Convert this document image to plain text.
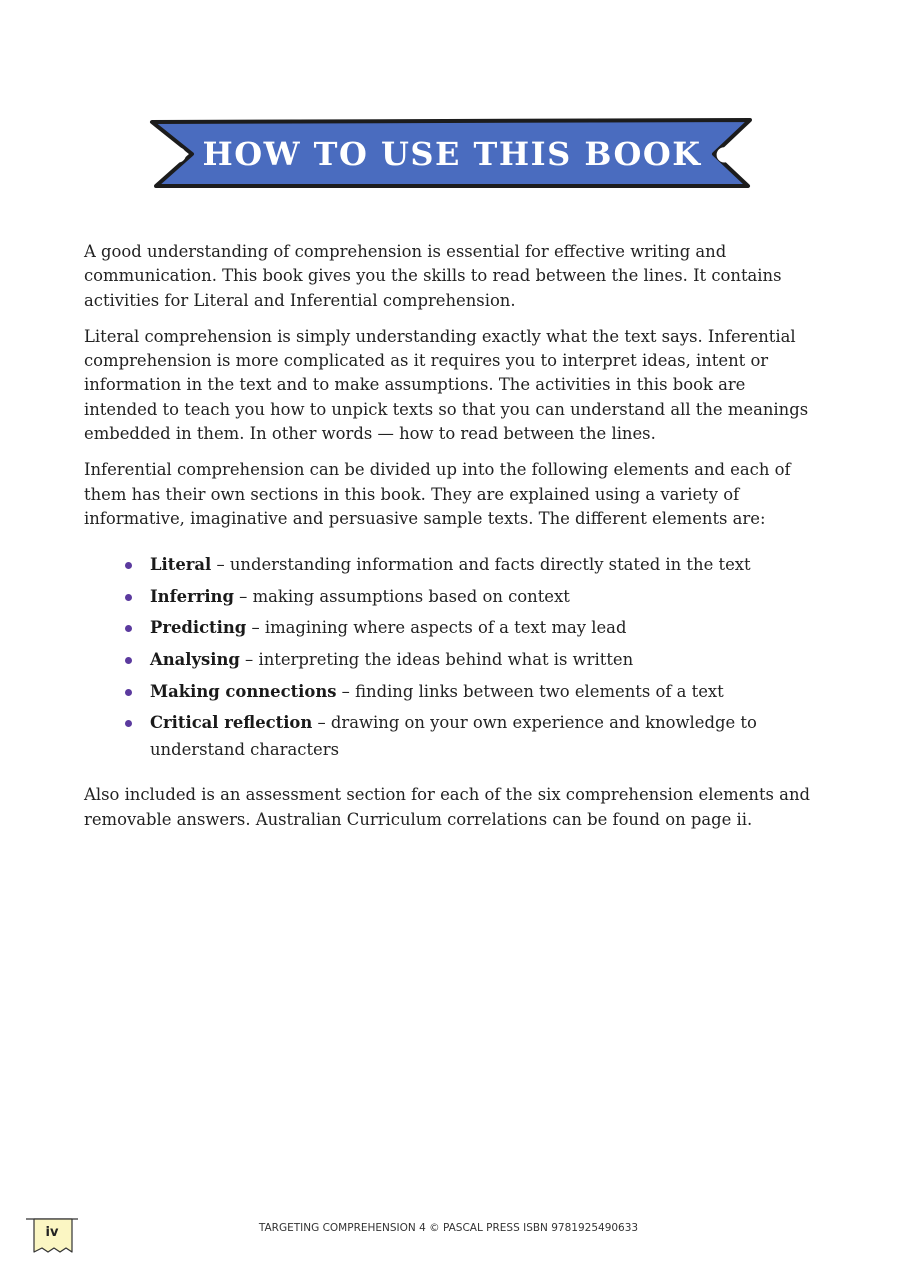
● HOW TO USE THIS BOOK ●

A good understanding of comprehension is essential for effective writing and communication. This book gives you the skills to read between the lines. It contains activities for Literal and Inferential comprehension.

Literal comprehension is simply understanding exactly what the text says. Inferential comprehension is more complicated as it requires you to interpret ideas, intent or information in the text and to make assumptions. The activities in this book are intended to teach you how to unpick texts so that you can understand all the meanings embedded in them. In other words — how to read between the lines.

Inferential comprehension can be divided up into the following elements and each of them has their own sections in this book. They are explained using a variety of informative, imaginative and persuasive sample texts. The different elements are:

Literal – understanding information and facts directly stated in the text
Inferring – making assumptions based on context
Predicting – imagining where aspects of a text may lead
Analysing – interpreting the ideas behind what is written
Making connections – finding links between two elements of a text
Critical reflection – drawing on your own experience and knowledge to understand characters

Also included is an assessment section for each of the six comprehension elements and removable answers. Australian Curriculum correlations can be found on page ii.

iv	TARGETING COMPREHENSION 4 © PASCAL PRESS ISBN 9781925490633
